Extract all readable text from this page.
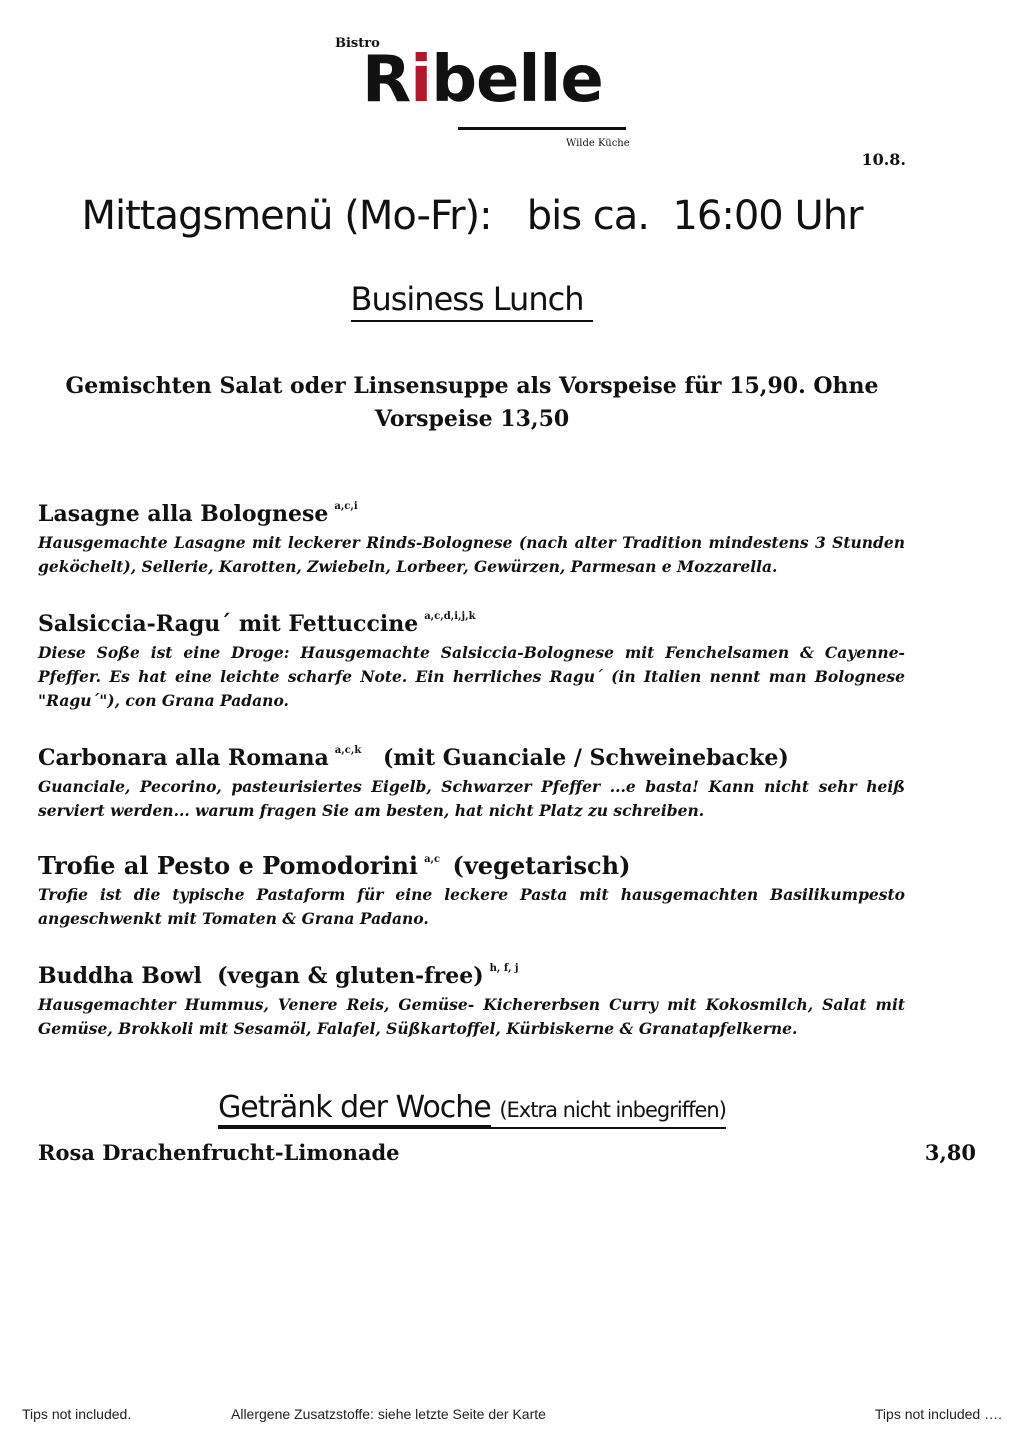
Bistro
Ribelle
Wilde Küche
10.8.
Mittagsmenü (Mo-Fr):   bis ca.  16:00 Uhr
Business Lunch
Gemischten Salat oder Linsensuppe als Vorspeise für 15,90. Ohne Vorspeise 13,50
Lasagne alla Bolognese $^{a,c,i}$
Hausgemachte Lasagne mit leckerer Rinds-Bolognese (nach alter Tradition mindestens 3 Stunden geköchelt), Sellerie, Karotten, Zwiebeln, Lorbeer, Gewürzen, Parmesan e Mozzarella.
Salsiccia-Ragu´ mit Fettuccine $^{a,c,d,i,j,k}$
Diese Soße ist eine Droge: Hausgemachte Salsiccia-Bolognese mit Fenchelsamen & Cayenne-Pfeffer. Es hat eine leichte scharfe Note. Ein herrliches Ragu´ (in Italien nennt man Bolognese "Ragu´"), con Grana Padano.
Carbonara alla Romana $^{a,c,k}$ (mit Guanciale / Schweinebacke)
Guanciale, Pecorino, pasteurisiertes Eigelb, Schwarzer Pfeffer ...e basta! Kann nicht sehr heiß serviert werden... warum fragen Sie am besten, hat nicht Platz zu schreiben.
Trofie al Pesto e Pomodorini $^{a,c}$ (vegetarisch)
Trofie ist die typische Pastaform für eine leckere Pasta mit hausgemachten Basilikumpesto angeschwenkt mit Tomaten & Grana Padano.
Buddha Bowl  (vegan & gluten-free) $^{h, f, j}$
Hausgemachter Hummus, Venere Reis, Gemüse- Kichererbsen Curry mit Kokosmilch, Salat mit Gemüse, Brokkoli mit Sesamöl, Falafel, Süßkartoffel, Kürbiskerne & Granatapfelkerne.
Getränk der Woche (Extra nicht inbegriffen)
Rosa Drachenfrucht-Limonade	3,80
Tips not included.	Allergene Zusatzstoffe: siehe letzte Seite der Karte	Tips not included ….
